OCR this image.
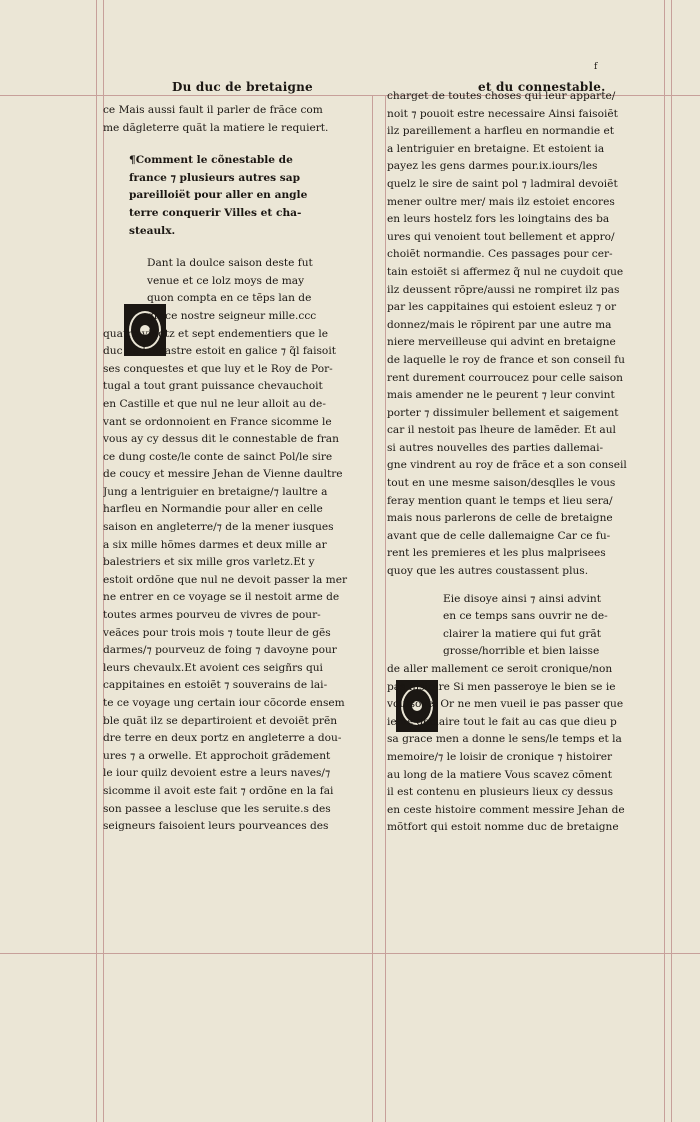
Du duc de bretaigne	et du connestable.
f
ce Mais aussi fault il parler de frãce com
me dãgleterre quãt la matiere le requiert.
¶Comment le cõnestable de
france ⁊ plusieurs autres sap
pareilloiët pour aller en angle
terre conquerir Villes et cha-
steaulx.
Dant la doulce saison deste fut
venue et ce lolz moys de may
quon compta en ce tẽps lan de
grace nostre seigneur mille.ccc
quatre vingtz et sept endementiers que le
duc de lencastre estoit en galice ⁊ q̃l faisoit
ses conquestes et que luy et le Roy de Por-
tugal a tout grant puissance chevauchoit
en Castille et que nul ne leur alloit au de-
vant se ordonnoient en France sicomme le
vous ay cy dessus dit le connestable de fran
ce dung coste/le conte de sainct Pol/le sire
de coucy et messire Jehan de Vienne daultre
Jung a lentriguier en bretaigne/⁊ laultre a
harfleu en Normandie pour aller en celle
saison en angleterre/⁊ de la mener iusques
a six mille hõmes darmes et deux mille ar
balestriers et six mille gros varletz.Et y
estoit ordõne que nul ne devoit passer la mer
ne entrer en ce voyage se il nestoit arme de
toutes armes pourveu de vivres de pour-
veãces pour trois mois ⁊ toute lleur de gẽs
darmes/⁊ pourveuz de foing ⁊ davoyne pour
leurs chevaulx.Et avoient ces seigñrs qui
cappitaines en estoiẽt ⁊ souverains de lai-
te ce voyage ung certain iour cõcorde ensem
ble quãt ilz se departiroient et devoiẽt prẽn
dre terre en deux portz en angleterre a dou-
ures ⁊ a orwelle. Et approchoit grãdement
le iour quilz devoient estre a leurs naves/⁊
sicomme il avoit este fait ⁊ ordõne en la fai
son passee a lescluse que les seruite.s des
seigneurs faisoient leurs pourveances des
charget de toutes choses qui leur apparte/
noit ⁊ pouoit estre necessaire Ainsi faisoiẽt
ilz pareillement a harfleu en normandie et
a lentriguier en bretaigne. Et estoient ia
payez les gens darmes pour.ix.iours/les
quelz le sire de saint pol ⁊ ladmiral devoiẽt
mener oultre mer/ mais ilz estoiet encores
en leurs hostelz fors les loingtains des ba
ures qui venoient tout bellement et appro/
choiẽt normandie. Ces passages pour cer-
tain estoiẽt si affermez q̃ nul ne cuydoit que
ilz deussent rõpre/aussi ne rompiret ilz pas
par les cappitaines qui estoient esleuz ⁊ or
donnez/mais le rõpirent par une autre ma
niere merveilleuse qui advint en bretaigne
de laquelle le roy de france et son conseil fu
rent durement courroucez pour celle saison
mais amender ne le peurent ⁊ leur convint
porter ⁊ dissimuler bellement et saigement
car il nestoit pas lheure de lamẽder. Et aul
si autres nouvelles des parties dallemai-
gne vindrent au roy de frãce et a son conseil
tout en une mesme saison/desqlles le vous
feray mention quant le temps et lieu sera/
mais nous parlerons de celle de bretaigne
avant que de celle dallemaigne Car ce fu-
rent les premieres et les plus malprisees
quoy que les autres coustassent plus.
Eie disoye ainsi ⁊ ainsi advint
en ce temps sans ouvrir ne de-
clairer la matiere qui fut grãt
grosse/horrible et bien laisse
de aller mallement ce seroit cronique/non
pas histoire Si men passeroye le bien se ie
voulsoye. Or ne men vueil ie pas passer que
ie ne declaire tout le fait au cas que dieu p
sa grace men a donne le sens/le temps et la
memoire/⁊ le loisir de cronique ⁊ histoirer
au long de la matiere Vous scavez cõment
il est contenu en plusieurs lieux cy dessus
en ceste histoire comment messire Jehan de
mõtfort qui estoit nomme duc de bretaigne
